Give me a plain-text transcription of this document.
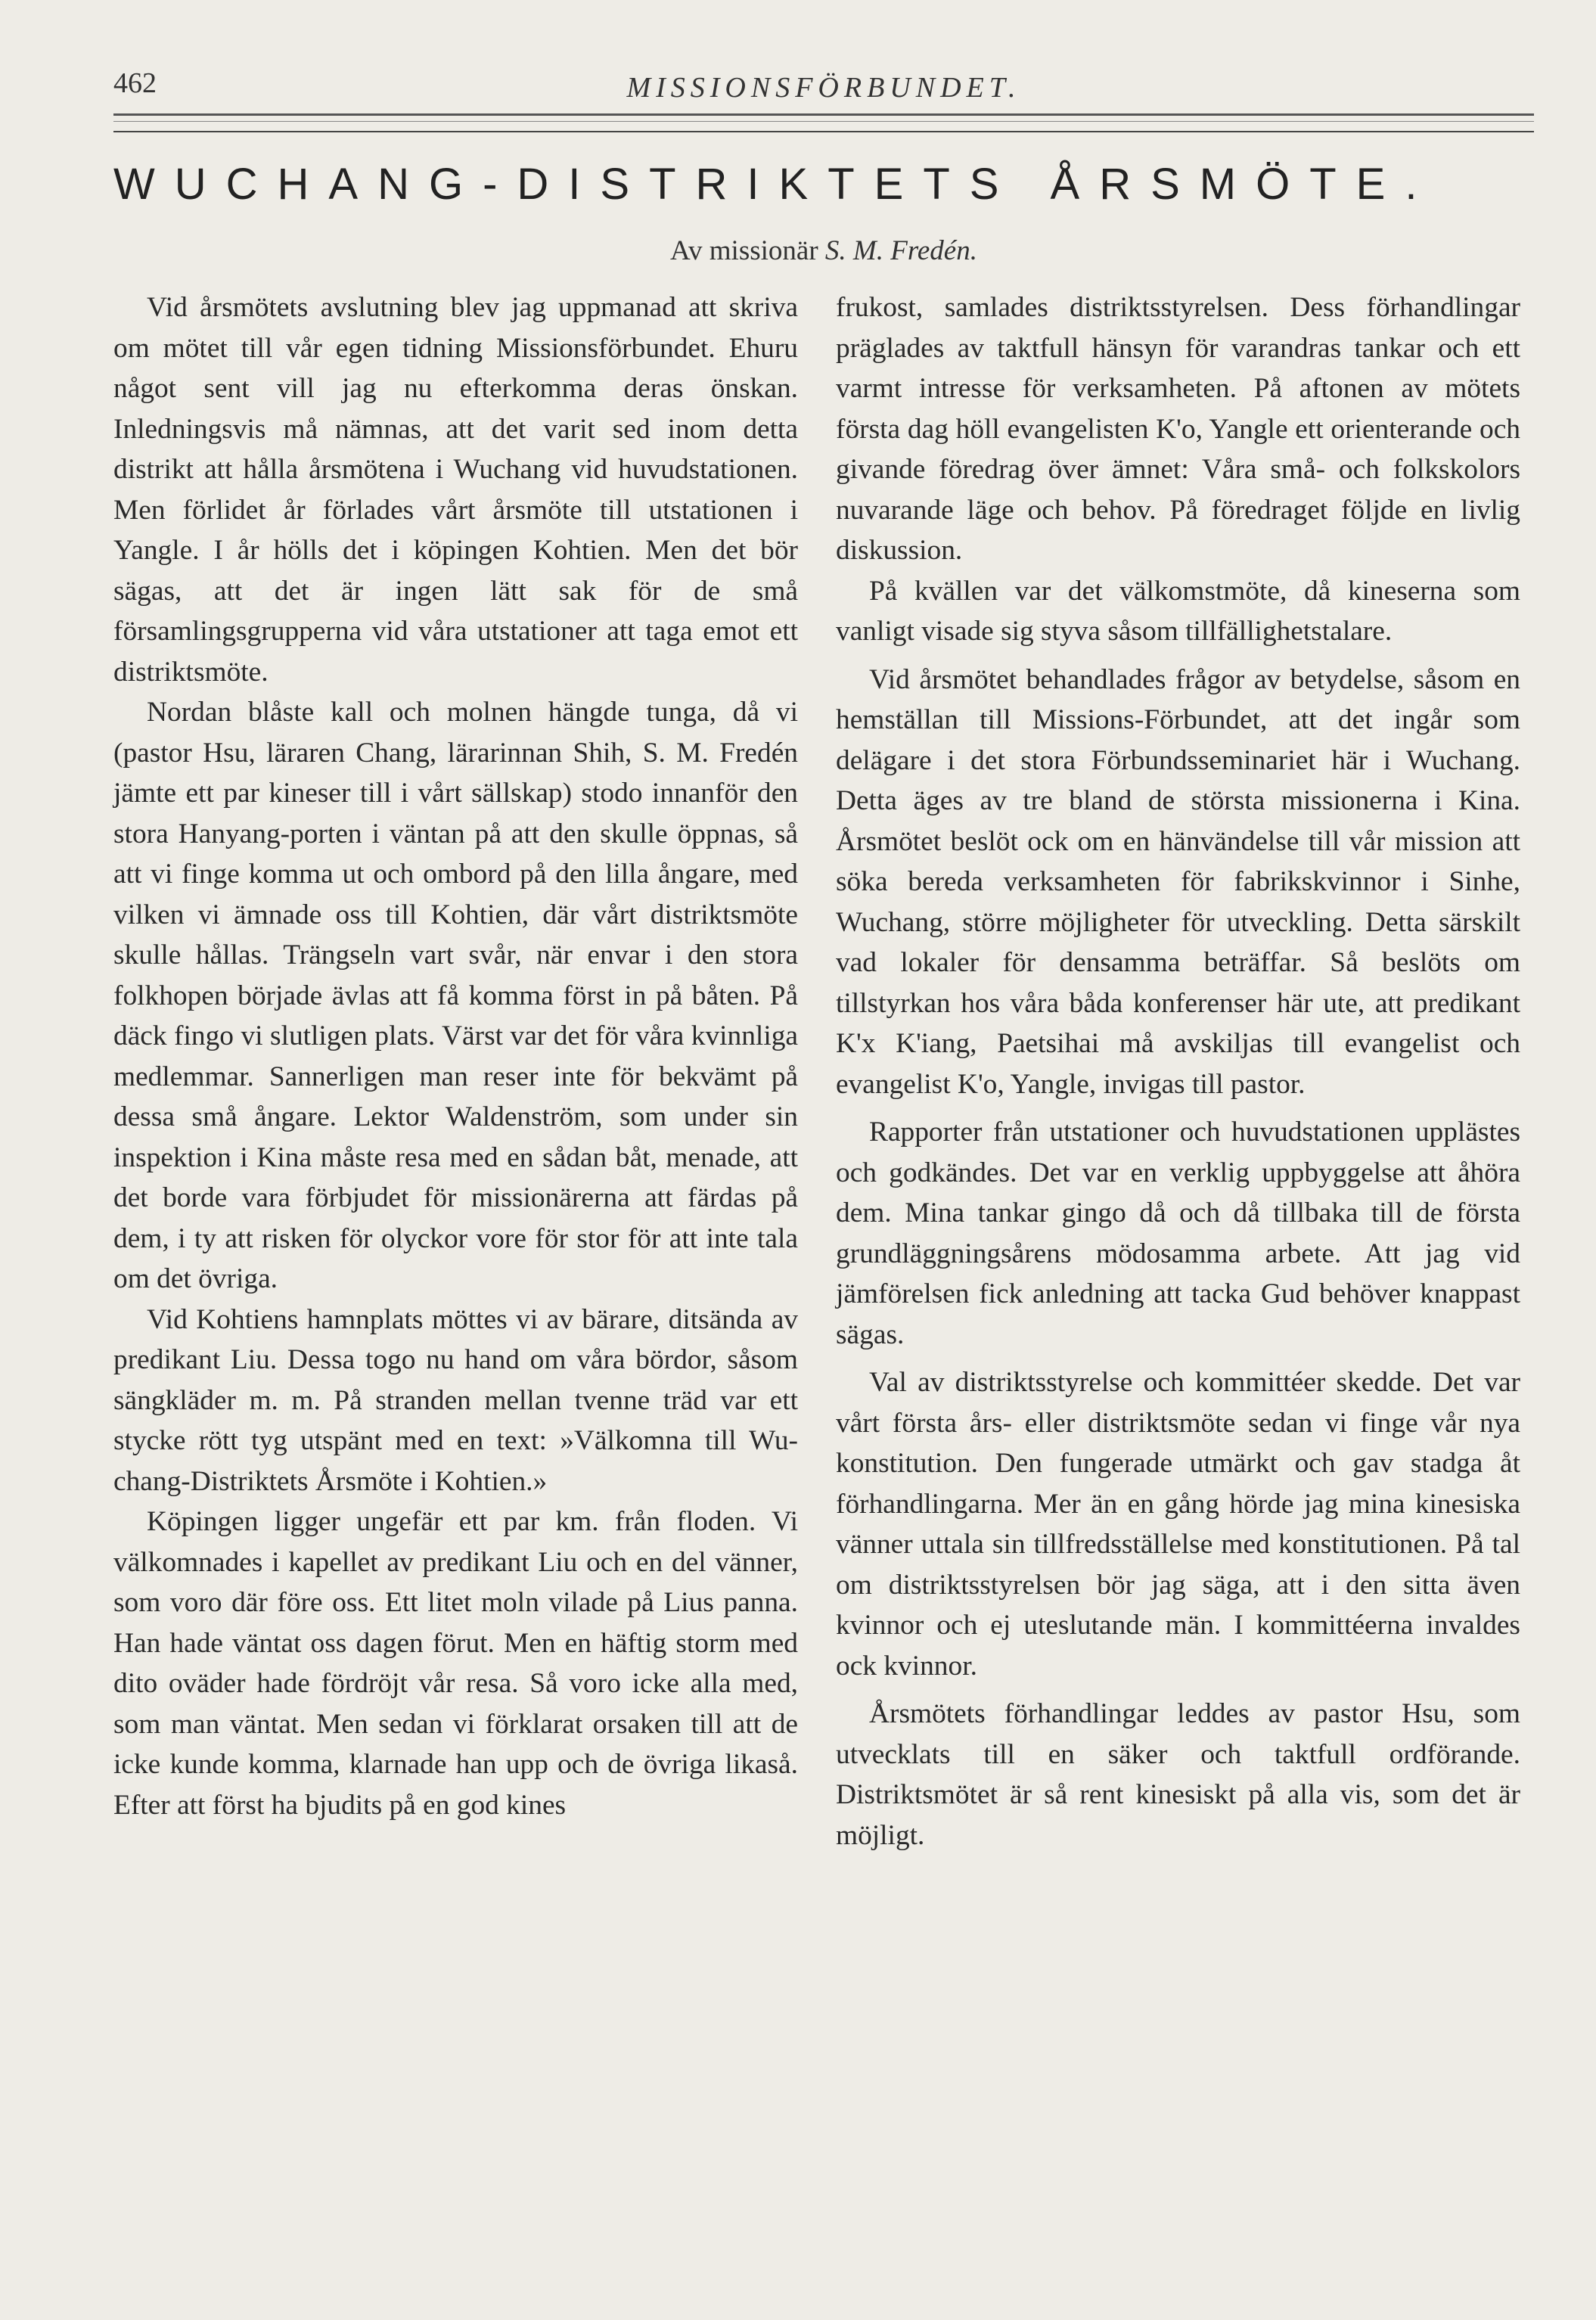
462	MISSIONSFÖRBUNDET.
WUCHANG-DISTRIKTETS ÅRSMÖTE.
Av missionär S. M. Fredén.

Vid årsmötets avslutning blev jag uppmanad att skriva om mötet till vår egen tidning Missionsförbundet. Ehuru något sent vill jag nu efterkomma deras önskan. Inledningsvis må nämnas, att det varit sed inom detta distrikt att hålla årsmötena i Wuchang vid huvudstationen. Men förlidet år förlades vårt årsmöte till utstationen i Yangle. I år hölls det i köpingen Kohtien. Men det bör sägas, att det är ingen lätt sak för de små församlingsgrupperna vid våra utstationer att taga emot ett distriktsmöte.

Nordan blåste kall och molnen hängde tunga, då vi (pastor Hsu, läraren Chang, lärarinnan Shih, S. M. Fredén jämte ett par kineser till i vårt sällskap) stodo innanför den stora Hanyang-porten i väntan på att den skulle öppnas, så att vi finge komma ut och ombord på den lilla ångare, med vilken vi ämnade oss till Kohtien, där vårt distriktsmöte skulle hållas. Trängseln vart svår, när envar i den stora folkhopen började ävlas att få komma först in på båten. På däck fingo vi slutligen plats. Värst var det för våra kvinnliga medlemmar. Sannerligen man reser inte för bekvämt på dessa små ångare. Lektor Waldenström, som under sin inspektion i Kina måste resa med en sådan båt, menade, att det borde vara förbjudet för missionärerna att färdas på dem, i ty att risken för olyckor vore för stor för att inte tala om det övriga.

Vid Kohtiens hamnplats möttes vi av bärare, ditsända av predikant Liu. Dessa togo nu hand om våra bördor, såsom sängkläder m. m. På stranden mellan tvenne träd var ett stycke rött tyg utspänt med en text: »Välkomna till Wuchang-Distriktets Årsmöte i Kohtien.»

Köpingen ligger ungefär ett par km. från floden. Vi välkomnades i kapellet av predikant Liu och en del vänner, som voro där före oss. Ett litet moln vilade på Lius panna. Han hade väntat oss dagen förut. Men en häftig storm med dito oväder hade fördröjt vår resa. Så voro icke alla med, som man väntat. Men sedan vi förklarat orsaken till att de icke kunde komma, klarnade han upp och de övriga likaså. Efter att först ha bjudits på en god kines

frukost, samlades distriktsstyrelsen. Dess förhandlingar präglades av taktfull hänsyn för varandras tankar och ett varmt intresse för verksamheten. På aftonen av mötets första dag höll evangelisten K'o, Yangle ett orienterande och givande föredrag över ämnet: Våra små- och folkskolors nuvarande läge och behov. På föredraget följde en livlig diskussion.

På kvällen var det välkomstmöte, då kineserna som vanligt visade sig styva såsom tillfällighetstalare.

Vid årsmötet behandlades frågor av betydelse, såsom en hemställan till Missions-Förbundet, att det ingår som delägare i det stora Förbundsseminariet här i Wuchang. Detta äges av tre bland de största missionerna i Kina. Årsmötet beslöt ock om en hänvändelse till vår mission att söka bereda verksamheten för fabrikskvinnor i Sinhe, Wuchang, större möjligheter för utveckling. Detta särskilt vad lokaler för densamma beträffar. Så beslöts om tillstyrkan hos våra båda konferenser här ute, att predikant K'x K'iang, Paetsihai må avskiljas till evangelist och evangelist K'o, Yangle, invigas till pastor.

Rapporter från utstationer och huvudstationen upplästes och godkändes. Det var en verklig uppbyggelse att åhöra dem. Mina tankar gingo då och då tillbaka till de första grundläggningsårens mödosamma arbete. Att jag vid jämförelsen fick anledning att tacka Gud behöver knappast sägas.

Val av distriktsstyrelse och kommittéer skedde. Det var vårt första års- eller distriktsmöte sedan vi finge vår nya konstitution. Den fungerade utmärkt och gav stadga åt förhandlingarna. Mer än en gång hörde jag mina kinesiska vänner uttala sin tillfredsställelse med konstitutionen. På tal om distriktsstyrelsen bör jag säga, att i den sitta även kvinnor och ej uteslutande män. I kommittéerna invaldes ock kvinnor.

Årsmötets förhandlingar leddes av pastor Hsu, som utvecklats till en säker och taktfull ordförande. Distriktsmötet är så rent kinesiskt på alla vis, som det är möjligt.
